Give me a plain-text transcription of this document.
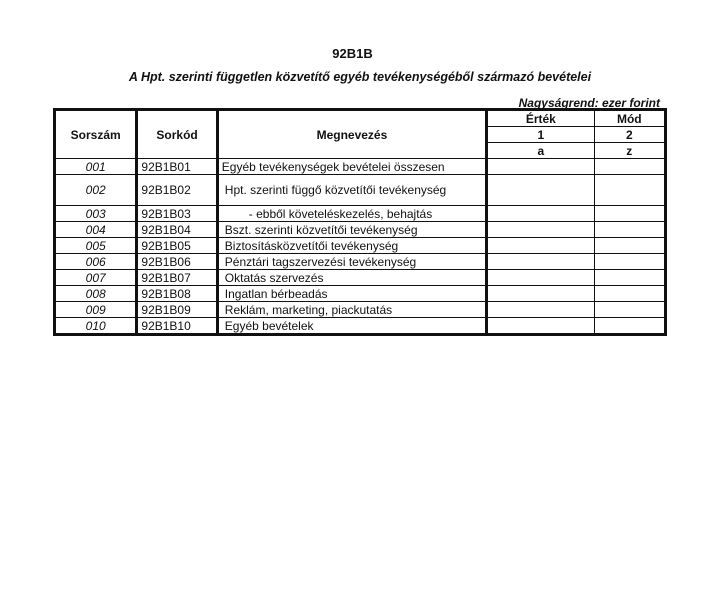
92B1B
A Hpt. szerinti független közvetítő egyéb tevékenységéből származó bevételei
Nagyságrend: ezer forint
Sorszám	Sorkód	Megnevezés	Érték	Mód
			1	2
			a	z
001	92B1B01	Egyéb tevékenységek bevételei összesen		
002	92B1B02	Hpt. szerinti függő közvetítői tevékenység		
003	92B1B03	- ebből követeléskezelés, behajtás		
004	92B1B04	Bszt. szerinti közvetítői tevékenység		
005	92B1B05	Biztosításközvetítői tevékenység		
006	92B1B06	Pénztári tagszervezési tevékenység		
007	92B1B07	Oktatás szervezés		
008	92B1B08	Ingatlan bérbeadás		
009	92B1B09	Reklám, marketing, piackutatás		
010	92B1B10	Egyéb bevételek		
